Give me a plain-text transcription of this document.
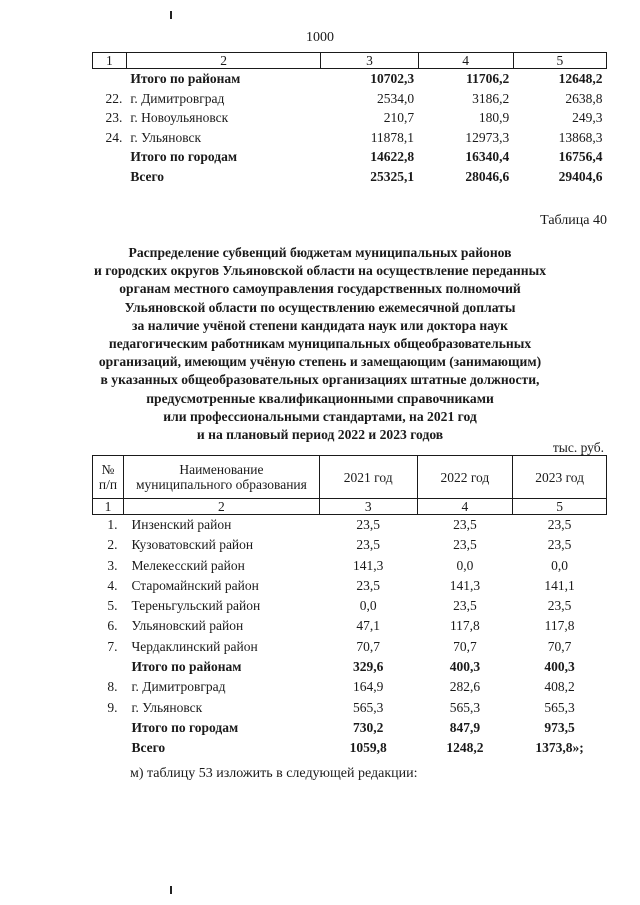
1000
1	2	3	4	5
	Итого по районам	10702,3	11706,2	12648,2
22.	г. Димитровград	2534,0	3186,2	2638,8
23.	г. Новоульяновск	210,7	180,9	249,3
24.	г. Ульяновск	11878,1	12973,3	13868,3
	Итого по городам	14622,8	16340,4	16756,4
	Всего	25325,1	28046,6	29404,6
Таблица 40
Распределение субвенций бюджетам муниципальных районов
и городских округов Ульяновской области на осуществление переданных
органам местного самоуправления государственных полномочий
Ульяновской области по осуществлению ежемесячной доплаты
за наличие учёной степени кандидата наук или доктора наук
педагогическим работникам муниципальных общеобразовательных
организаций, имеющим учёную степень и замещающим (занимающим)
в указанных общеобразовательных организациях штатные должности,
предусмотренные квалификационными справочниками
или профессиональными стандартами, на 2021 год
и на плановый период 2022 и 2023 годов
тыс. руб.
№
п/п	Наименование
муниципального образования	2021 год	2022 год	2023 год
1	2	3	4	5
1.	Инзенский район	23,5	23,5	23,5
2.	Кузоватовский район	23,5	23,5	23,5
3.	Мелекесский район	141,3	0,0	0,0
4.	Старомайнский район	23,5	141,3	141,1
5.	Тереньгульский район	0,0	23,5	23,5
6.	Ульяновский район	47,1	117,8	117,8
7.	Чердаклинский район	70,7	70,7	70,7
	Итого по районам	329,6	400,3	400,3
8.	г. Димитровград	164,9	282,6	408,2
9.	г. Ульяновск	565,3	565,3	565,3
	Итого по городам	730,2	847,9	973,5
	Всего	1059,8	1248,2	1373,8»;
м) таблицу 53 изложить в следующей редакции:
